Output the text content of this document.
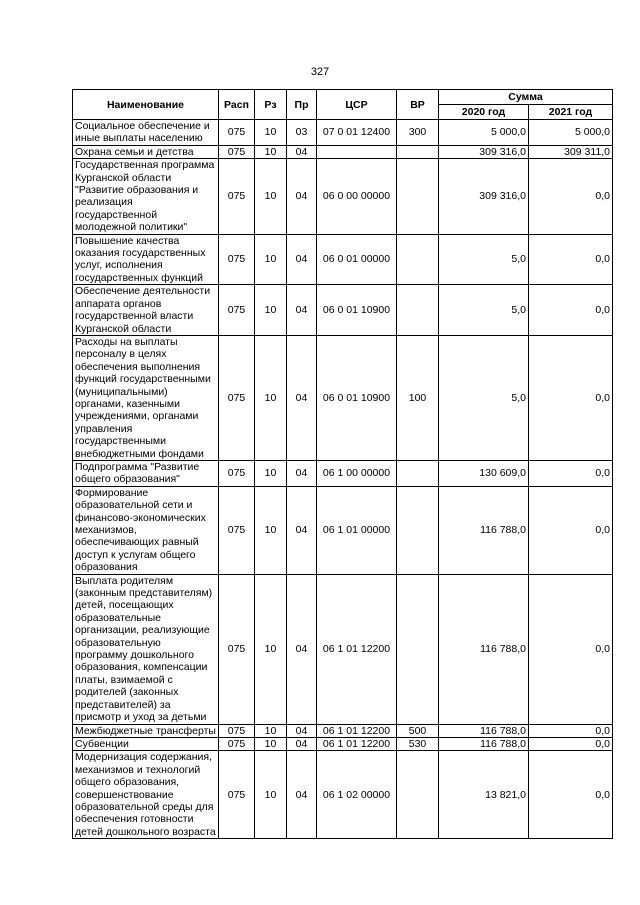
327
Наименование	Расп	Рз	Пр	ЦСР	ВР	Сумма	
						2020 год	2021 год
Социальное обеспечение и иные выплаты населению	075	10	03	07 0 01 12400	300	5 000,0	5 000,0
Охрана семьи и детства	075	10	04			309 316,0	309 311,0
Государственная программа Курганской области "Развитие образования и реализация государственной молодежной политики"	075	10	04	06 0 00 00000		309 316,0	0,0
Повышение качества оказания государственных услуг, исполнения государственных функций	075	10	04	06 0 01 00000		5,0	0,0
Обеспечение деятельности аппарата органов государственной власти Курганской области	075	10	04	06 0 01 10900		5,0	0,0
Расходы на выплаты персоналу в целях обеспечения выполнения функций государственными (муниципальными) органами, казенными учреждениями, органами управления государственными внебюджетными фондами	075	10	04	06 0 01 10900	100	5,0	0,0
Подпрограмма "Развитие общего образования"	075	10	04	06 1 00 00000		130 609,0	0,0
Формирование образовательной сети и финансово-экономических механизмов, обеспечивающих равный доступ к услугам общего образования	075	10	04	06 1 01 00000		116 788,0	0,0
Выплата родителям (законным представителям) детей, посещающих образовательные организации, реализующие образовательную программу дошкольного образования, компенсации платы, взимаемой с родителей (законных представителей) за присмотр и уход за детьми	075	10	04	06 1 01 12200		116 788,0	0,0
Межбюджетные трансферты	075	10	04	06 1 01 12200	500	116 788,0	0,0
Субвенции	075	10	04	06 1 01 12200	530	116 788,0	0,0
Модернизация содержания, механизмов и технологий общего образования, совершенствование образовательной среды для обеспечения готовности детей дошкольного возраста	075	10	04	06 1 02 00000		13 821,0	0,0
